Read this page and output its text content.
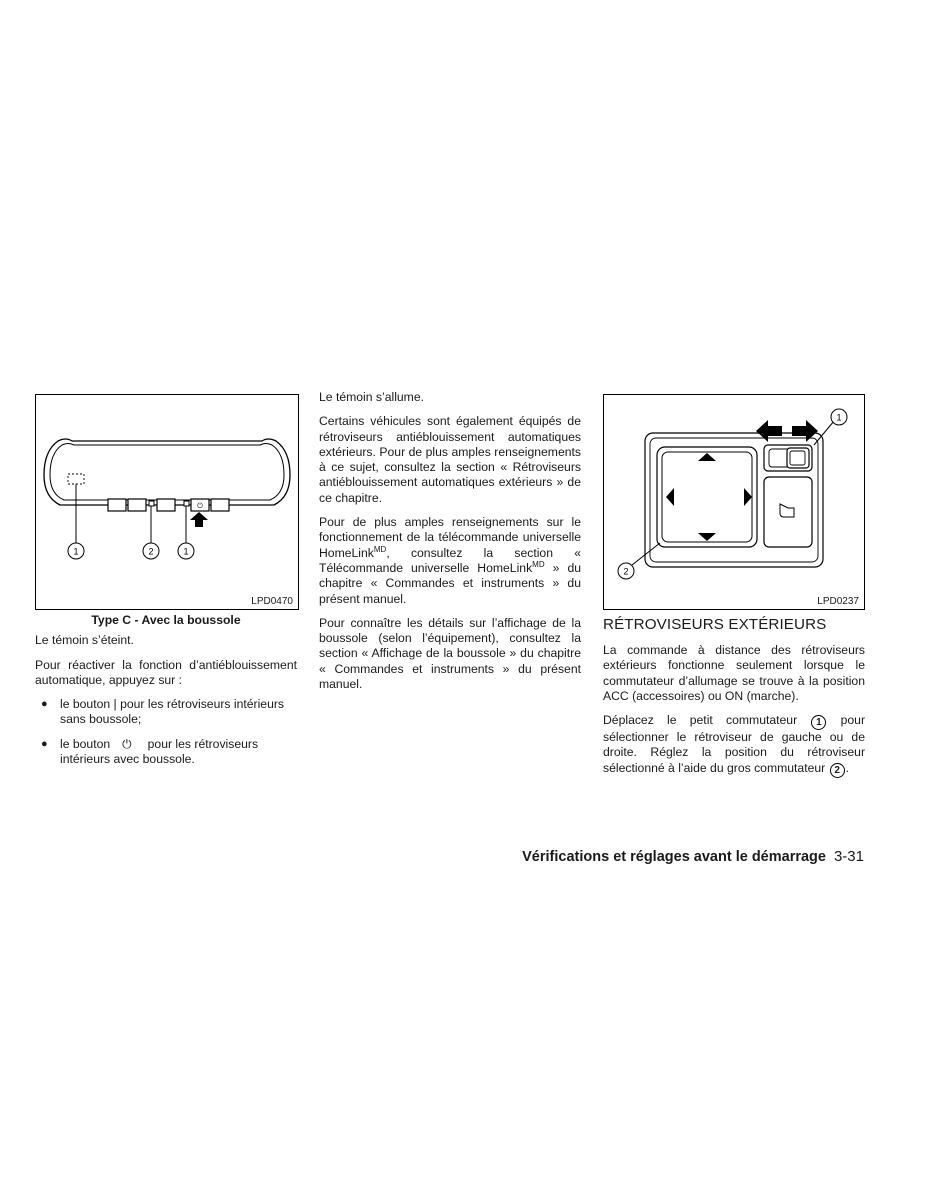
⏻
1	2	1
LPD0470
Type C - Avec la boussole

Le témoin s’éteint.

Pour réactiver la fonction d’antiéblouissement automatique, appuyez sur :

● le bouton | pour les rétroviseurs intérieurs sans boussole;
● le bouton ⏻ pour les rétroviseurs intérieurs avec boussole.

Le témoin s’allume.

Certains véhicules sont également équipés de rétroviseurs antiéblouissement automatiques extérieurs. Pour de plus amples renseignements à ce sujet, consultez la section « Rétroviseurs antiéblouissement automatiques extérieurs » de ce chapitre.

Pour de plus amples renseignements sur le fonctionnement de la télécommande universelle HomeLink$^{MD}$, consultez la section « Télécommande universelle HomeLink$^{MD}$ » du chapitre « Commandes et instruments » du présent manuel.

Pour connaître les détails sur l’affichage de la boussole (selon l’équipement), consultez la section « Affichage de la boussole » du chapitre « Commandes et instruments » du présent manuel.

1
2
LPD0237
RÉTROVISEURS EXTÉRIEURS

La commande à distance des rétroviseurs extérieurs fonctionne seulement lorsque le commutateur d’allumage se trouve à la position ACC (accessoires) ou ON (marche).

Déplacez le petit commutateur 1 pour sélectionner le rétroviseur de gauche ou de droite. Réglez la position du rétroviseur sélectionné à l’aide du gros commutateur 2 .

Vérifications et réglages avant le démarrage 3-31
